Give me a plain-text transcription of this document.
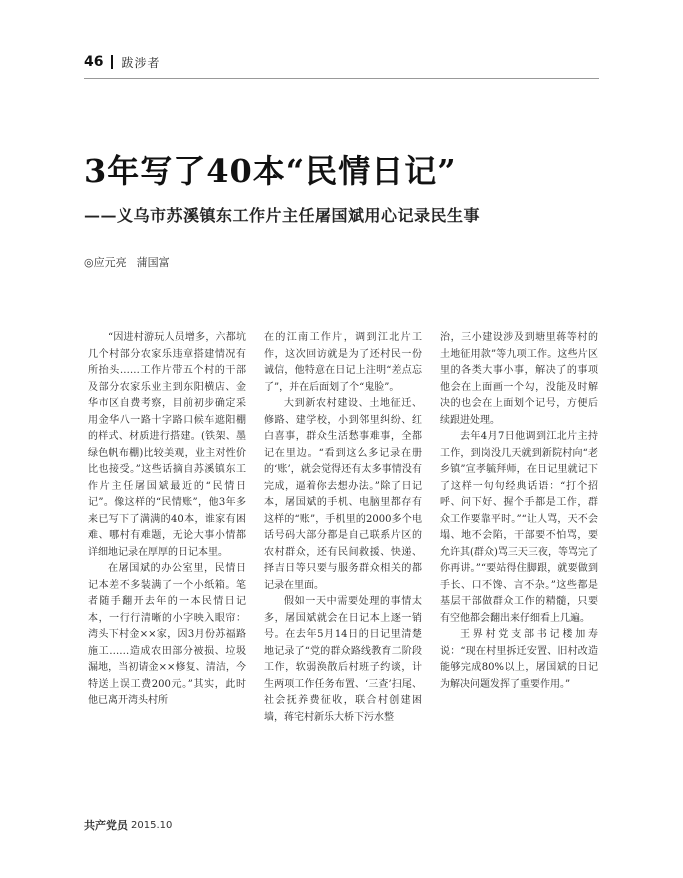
46 跋涉者
3年写了40本“民情日记”
——义乌市苏溪镇东工作片主任屠国斌用心记录民生事
◎应元亮 蒲国富

“因进村游玩人员增多，六都坑几个村部分农家乐违章搭建情况有所抬头……工作片带五个村的干部及部分农家乐业主到东阳横店、金华市区自费考察，目前初步确定采用金华八一路十字路口候车遮阳棚的样式、材质进行搭建。(铁架、墨绿色帆布棚)比较美观，业主对性价比也接受。”这些话摘自苏溪镇东工作片主任屠国斌最近的“民情日记”。像这样的“民情账”，他3年多来已写下了满满的40本，谁家有困难、哪村有难题，无论大事小情都详细地记录在厚厚的日记本里。

在屠国斌的办公室里，民情日记本差不多装满了一个小纸箱。笔者随手翻开去年的一本民情日记本，一行行清晰的小字映入眼帘：湾头下村金××家，因3月份苏福路施工……造成农田部分被损、垃圾漏地，当初请金××修复、清洁，今特送上误工费200元。”其实，此时他已离开湾头村所

在的江南工作片，调到江北片工作，这次回访就是为了还村民一份诚信，他特意在日记上注明“差点忘了”，并在后面划了个“鬼脸”。

大到新农村建设、土地征迁、修路、建学校，小到邻里纠纷、红白喜事，群众生活愁事难事，全都记在里边。“看到这么多记录在册的‘账’，就会觉得还有太多事情没有完成，逼着你去想办法。”除了日记本，屠国斌的手机、电脑里都存有这样的“账”，手机里的2000多个电话号码大部分都是自己联系片区的农村群众，还有民间救援、快递、择吉日等只要与服务群众相关的都记录在里面。

假如一天中需要处理的事情太多，屠国斌就会在日记本上逐一销号。在去年5月14日的日记里清楚地记录了“党的群众路线教育二阶段工作，软弱涣散后村班子约谈，计生两项工作任务布置、‘三查’扫尾、社会抚养费征收，联合村创建困墙，蒋宅村新乐大桥下污水整

治，三小建设涉及到塘里蒋等村的土地征用款”等九项工作。这些片区里的各类大事小事，解决了的事项他会在上面画一个勾，没能及时解决的也会在上面划个记号，方便后续跟进处理。

去年4月7日他调到江北片主持工作，到岗没几天就到新院村向“老乡镇”宣孝毓拜师，在日记里就记下了这样一句句经典话语：“打个招呼、问下好、握个手都是工作，群众工作要靠平时。”“让人骂，天不会塌、地不会陷，干部要不怕骂，要允许其(群众)骂三天三夜，等骂完了你再讲。”“要站得住脚跟，就要做到手长、口不馋、言不杂。”这些都是基层干部做群众工作的精髓，只要有空他都会翻出来仔细看上几遍。

王界村党支部书记楼加寿说：“现在村里拆迁安置、旧村改造能够完成80%以上，屠国斌的日记为解决问题发挥了重要作用。”

共产党员 2015.10
